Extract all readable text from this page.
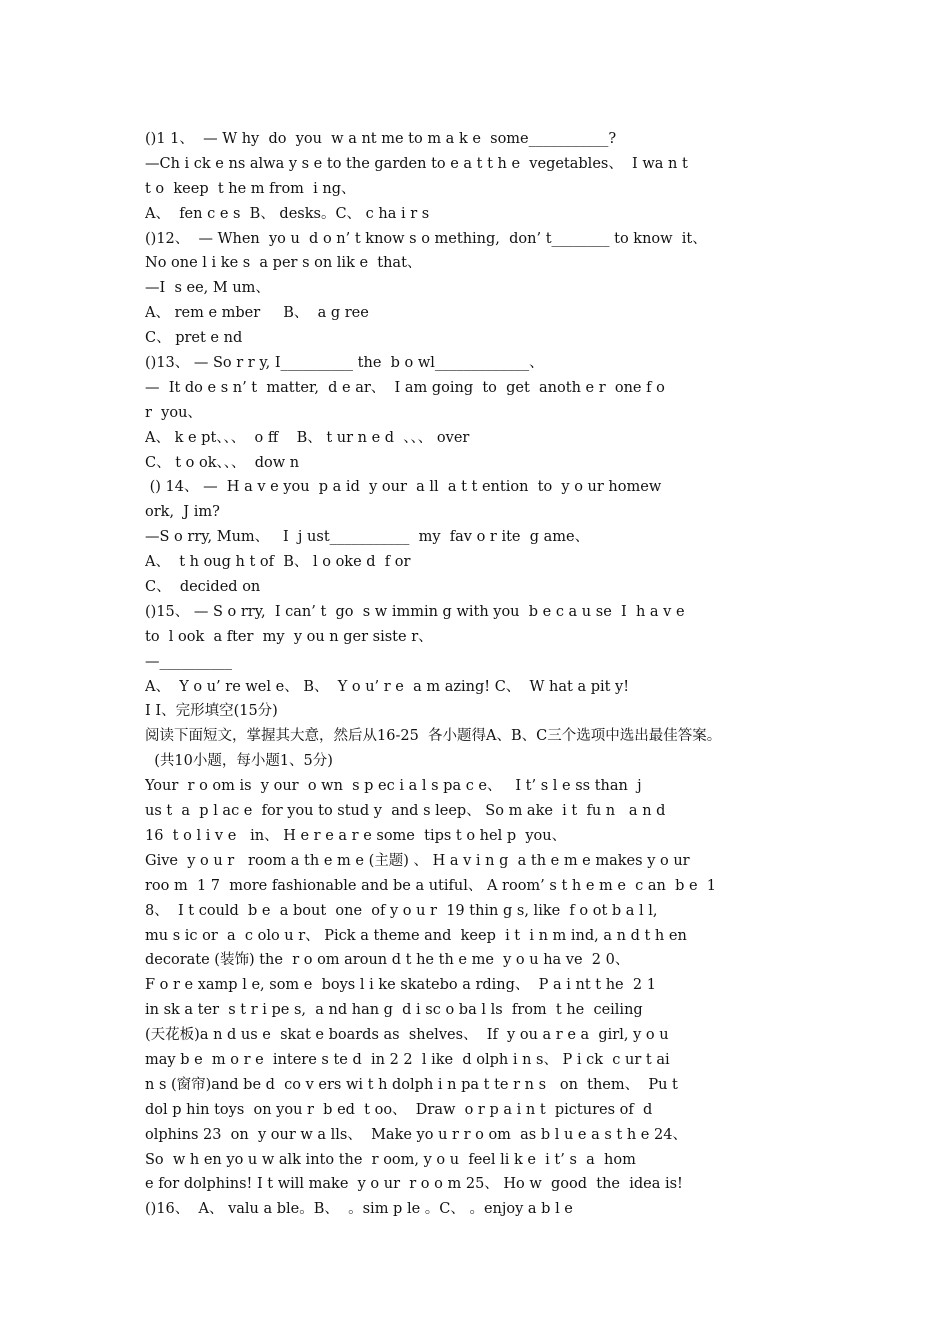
()1 1、  — W hy  do  you  w a nt me to m a k e  some___________?
—Ch i ck e ns alwa y s e to the garden to e a t t h e  vegetables、  I wa n t
t o  keep  t he m from  i ng、
A、  fen c e s  B、 desks。C、 c ha i r s
()12、  — When  yo u  d o n’ t know s o mething,  don’ t________ to know  it、
No one l i ke s  a per s on lik e  that、
—I  s ee, M um、
A、 rem e mber     B、  a g ree
C、 pret e nd
()13、 — So r r y, I__________ the  b o wl_____________、
—  It do e s n’ t  matter,  d e ar、  I am going  to  get  anoth e r  one f o
r  you、
A、 k e pt、、、  o ff    B、 t ur n e d  、、、 over
C、 t o ok、、、  dow n
() 14、 —  H a v e you  p a id  y our  a ll  a t t ention  to  y o ur homew
ork,  J im?
—S o rry, Mum、   I  j ust___________  my  fav o r ite  g ame、
A、  t h oug h t of  B、 l o oke d  f or
C、  decided on
()15、 — S o rry,  I can’ t  go  s w immin g with you  b e c a u se  I  h a v e
to  l ook  a fter  my  y ou n ger siste r、
—__________
A、  Y o u’ re wel e、 B、  Y o u’ r e  a m azing! C、  W hat a pit y!
I I、完形填空(15分)
阅读下面短文，掌握其大意，然后从16-25  各小题得A、B、C三个选项中选出最佳答案。
(共10小题，每小题1、5分)
Your  r o om is  y our  o wn  s p ec i a l s pa c e、   I t’ s l e ss than  j
us t  a  p l ac e  for you to stud y  and s leep、 So m ake  i t  fu n   a n d
16  t o l i v e   in、 H e r e a r e some  tips t o hel p  you、
Give  y o u r   room a th e m e (主题) 、 H a v i n g  a th e m e makes y o ur
roo m  1 7  more fashionable and be a utiful、 A room’ s t h e m e  c an  b e  1
8、  I t could  b e  a bout  one  of y o u r  19 thin g s, like  f o ot b a l l,
mu s ic or  a  c olo u r、 Pick a theme and  keep  i t  i n m ind, a n d t h en
decorate (装饰) the  r o om aroun d t he th e me  y o u ha ve  2 0、
F o r e xamp l e, som e  boys l i ke skatebo a rding、  P a i nt t he  2 1
in sk a ter  s t r i pe s,  a nd han g  d i sc o ba l ls  from  t he  ceiling
(天花板)a n d us e  skat e boards as  shelves、  If  y ou a r e a  girl, y o u
may b e  m o r e  intere s te d  in 2 2  l ike  d olph i n s、 P i ck  c ur t ai
n s (窗帘)and be d  co v ers wi t h dolph i n pa t te r n s   on  them、  Pu t
dol p hin toys  on you r  b ed  t oo、  Draw  o r p a i n t  pictures of  d
olphins 23  on  y our w a lls、  Make yo u r r o om  as b l u e a s t h e 24、
So  w h en yo u w alk into the  r oom, y o u  feel li k e  i t’ s  a  hom
e for dolphins! I t will make  y o ur  r o o m 25、 Ho w  good  the  idea is!
()16、  A、 valu a ble。B、  。sim p le 。C、 。enjoy a b l e
